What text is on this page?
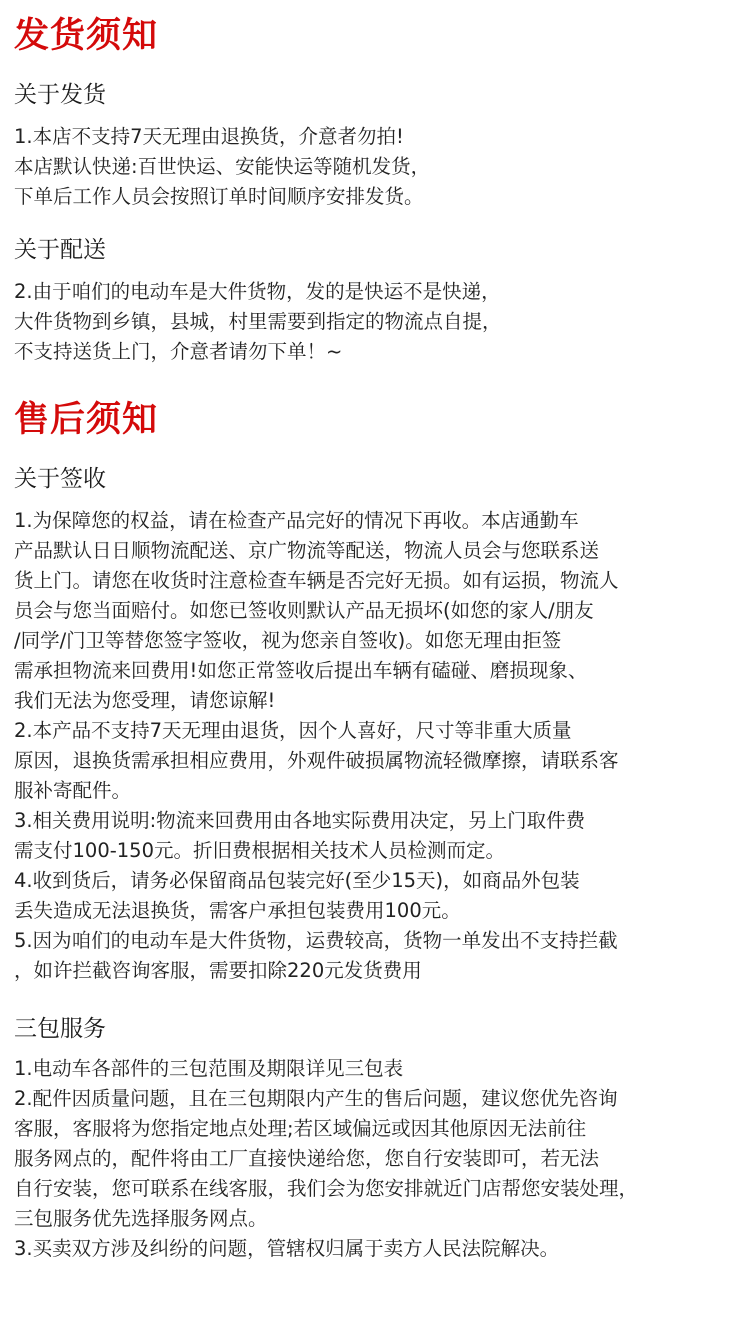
发货须知
关于发货

1.本店不支持7天无理由退换货，介意者勿拍!

本店默认快递:百世快运、安能快运等随机发货，

下单后工作人员会按照订单时间顺序安排发货。

关于配送

2.由于咱们的电动车是大件货物，发的是快运不是快递，

大件货物到乡镇，县城，村里需要到指定的物流点自提，

不支持送货上门，介意者请勿下单！~

售后须知
关于签收

1.为保障您的权益，请在检查产品完好的情况下再收。本店通勤车

产品默认日日顺物流配送、京广物流等配送，物流人员会与您联系送

货上门。请您在收货时注意检查车辆是否完好无损。如有运损，物流人

员会与您当面赔付。如您已签收则默认产品无损坏(如您的家人/朋友

/同学/门卫等替您签字签收，视为您亲自签收)。如您无理由拒签

需承担物流来回费用!如您正常签收后提出车辆有磕碰、磨损现象、

我们无法为您受理，请您谅解!

2.本产品不支持7天无理由退货，因个人喜好，尺寸等非重大质量

原因，退换货需承担相应费用，外观件破损属物流轻微摩擦，请联系客

服补寄配件。

3.相关费用说明:物流来回费用由各地实际费用决定，另上门取件费

需支付100-150元。折旧费根据相关技术人员检测而定。

4.收到货后，请务必保留商品包装完好(至少15天)，如商品外包装

丢失造成无法退换货，需客户承担包装费用100元。

5.因为咱们的电动车是大件货物，运费较高，货物一单发出不支持拦截

，如许拦截咨询客服，需要扣除220元发货费用

三包服务

1.电动车各部件的三包范围及期限详见三包表

2.配件因质量问题，且在三包期限内产生的售后问题，建议您优先咨询

客服，客服将为您指定地点处理;若区域偏远或因其他原因无法前往

服务网点的，配件将由工厂直接快递给您，您自行安装即可，若无法

自行安装，您可联系在线客服，我们会为您安排就近门店帮您安装处理，

三包服务优先选择服务网点。

3.买卖双方涉及纠纷的问题，管辖权归属于卖方人民法院解决。
